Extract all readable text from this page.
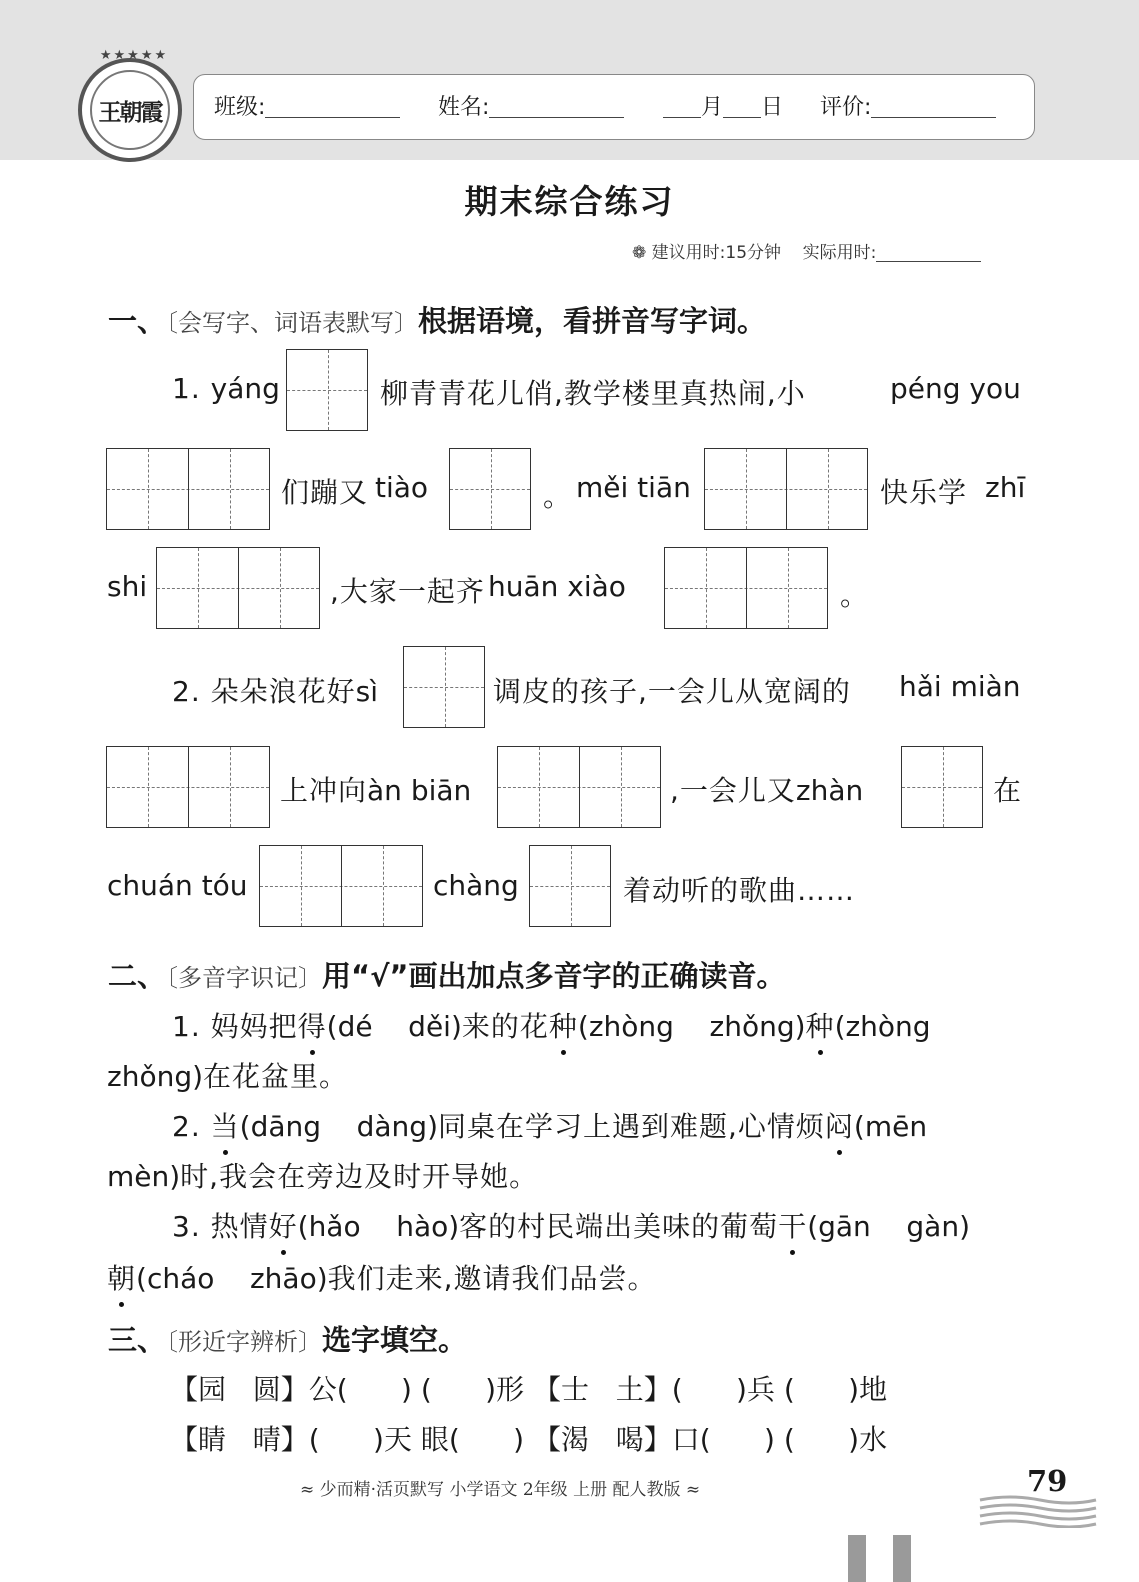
★★★★★
王朝霞 班级:	姓名:	月 日 评价:
期末综合练习
❁ 建议用时:15分钟 实际用时:
一、〔会写字、词语表默写〕根据语境，看拼音写字词。
1. yáng	柳青青花儿俏,教学楼里真热闹,小	péng you
们蹦又 tiào	。 měi tiān	快乐学 zhī
shi	,大家一起齐 huān xiào	。
2. 朵朵浪花好sì	调皮的孩子,一会儿从宽阔的 hǎi miàn
上冲向àn biān	,一会儿又zhàn	在
chuán tóu	chàng	着动听的歌曲……
二、〔多音字识记〕用“√”画出加点多音字的正确读音。
1. 妈妈把得(dé    děi)来的花种(zhòng    zhǒng)种(zhòng
zhǒng)在花盆里。
2. 当(dāng    dàng)同桌在学习上遇到难题,心情烦闷(mēn
mèn)时,我会在旁边及时开导她。
3. 热情好(hǎo    hào)客的村民端出美味的葡萄干(gān    gàn)
朝(cháo    zhāo)我们走来,邀请我们品尝。
三、〔形近字辨析〕选字填空。
【园   圆】公(      ) (      )形 【士   土】(      )兵 (      )地
【睛   晴】(      )天 眼(      ) 【渴   喝】口(      ) (      )水
≈ 少而精·活页默写 小学语文 2年级 上册 配人教版 ≈	79
